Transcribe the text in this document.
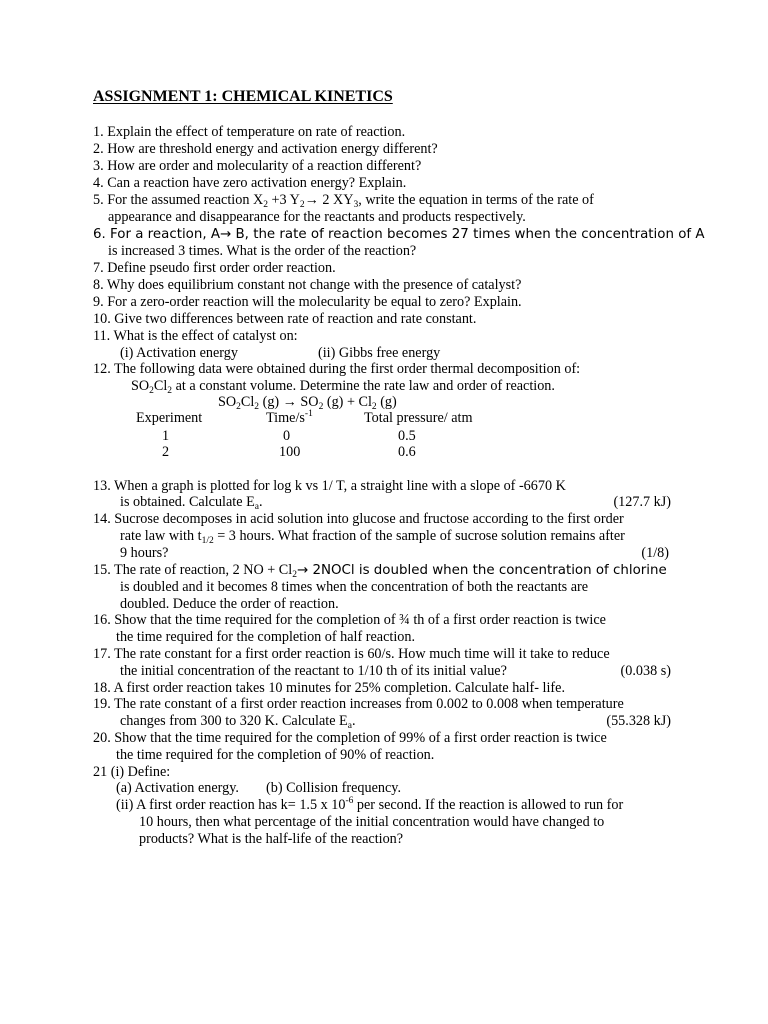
ASSIGNMENT 1: CHEMICAL KINETICS
1. Explain the effect of temperature on rate of reaction.
2. How are threshold energy and activation energy different?
3. How are order and molecularity of a reaction different?
4. Can a reaction have zero activation energy? Explain.
5. For the assumed reaction $X_2 +3$ $Y_2\to 2$ $XY_3$, write the equation in terms of the rate of
appearance and disappearance for the reactants and products respectively.
6. For a reaction, A→ B, the rate of reaction becomes 27 times when the concentration of A
is increased 3 times. What is the order of the reaction?
7. Define pseudo first order order reaction.
8. Why does equilibrium constant not change with the presence of catalyst?
9. For a zero-order reaction will the molecularity be equal to zero? Explain.
10. Give two differences between rate of reaction and rate constant.
11. What is the effect of catalyst on:
(i) Activation energy	(ii) Gibbs free energy
12. The following data were obtained during the first order thermal decomposition of:
$SO_2Cl_2$ at a constant volume. Determine the rate law and order of reaction.
$SO_2Cl_2$ $(g) \to SO_2$ $(g) + Cl_2$ (g)
Experiment	Time/$s^{-1}$	Total pressure/ atm
1	0	0.5
2	100	0.6
13. When a graph is plotted for log k vs 1/ T, a straight line with a slope of -6670 K
is obtained. Calculate $E_a$.	(127.7 kJ)
14. Sucrose decomposes in acid solution into glucose and fructose according to the first order
rate law with $t_{1/2} = 3$ hours. What fraction of the sample of sucrose solution remains after
9 hours?	(1/8)
15. The rate of reaction, 2 NO + $Cl_2\to$ 2NOCl is doubled when the concentration of chlorine
is doubled and it becomes 8 times when the concentration of both the reactants are
doubled. Deduce the order of reaction.
16. Show that the time required for the completion of ¾ th of a first order reaction is twice
the time required for the completion of half reaction.
17. The rate constant for a first order reaction is 60/s. How much time will it take to reduce
the initial concentration of the reactant to 1/10 th of its initial value?	(0.038 s)
18. A first order reaction takes 10 minutes for 25% completion. Calculate half- life.
19. The rate constant of a first order reaction increases from 0.002 to 0.008 when temperature
changes from 300 to 320 K. Calculate $E_a$.	(55.328 kJ)
20. Show that the time required for the completion of 99% of a first order reaction is twice
the time required for the completion of 90% of reaction.
21 (i) Define:
(a) Activation energy. (b) Collision frequency.
(ii) A first order reaction has k= 1.5 x $10^{-6}$ per second. If the reaction is allowed to run for
10 hours, then what percentage of the initial concentration would have changed to
products? What is the half-life of the reaction?
